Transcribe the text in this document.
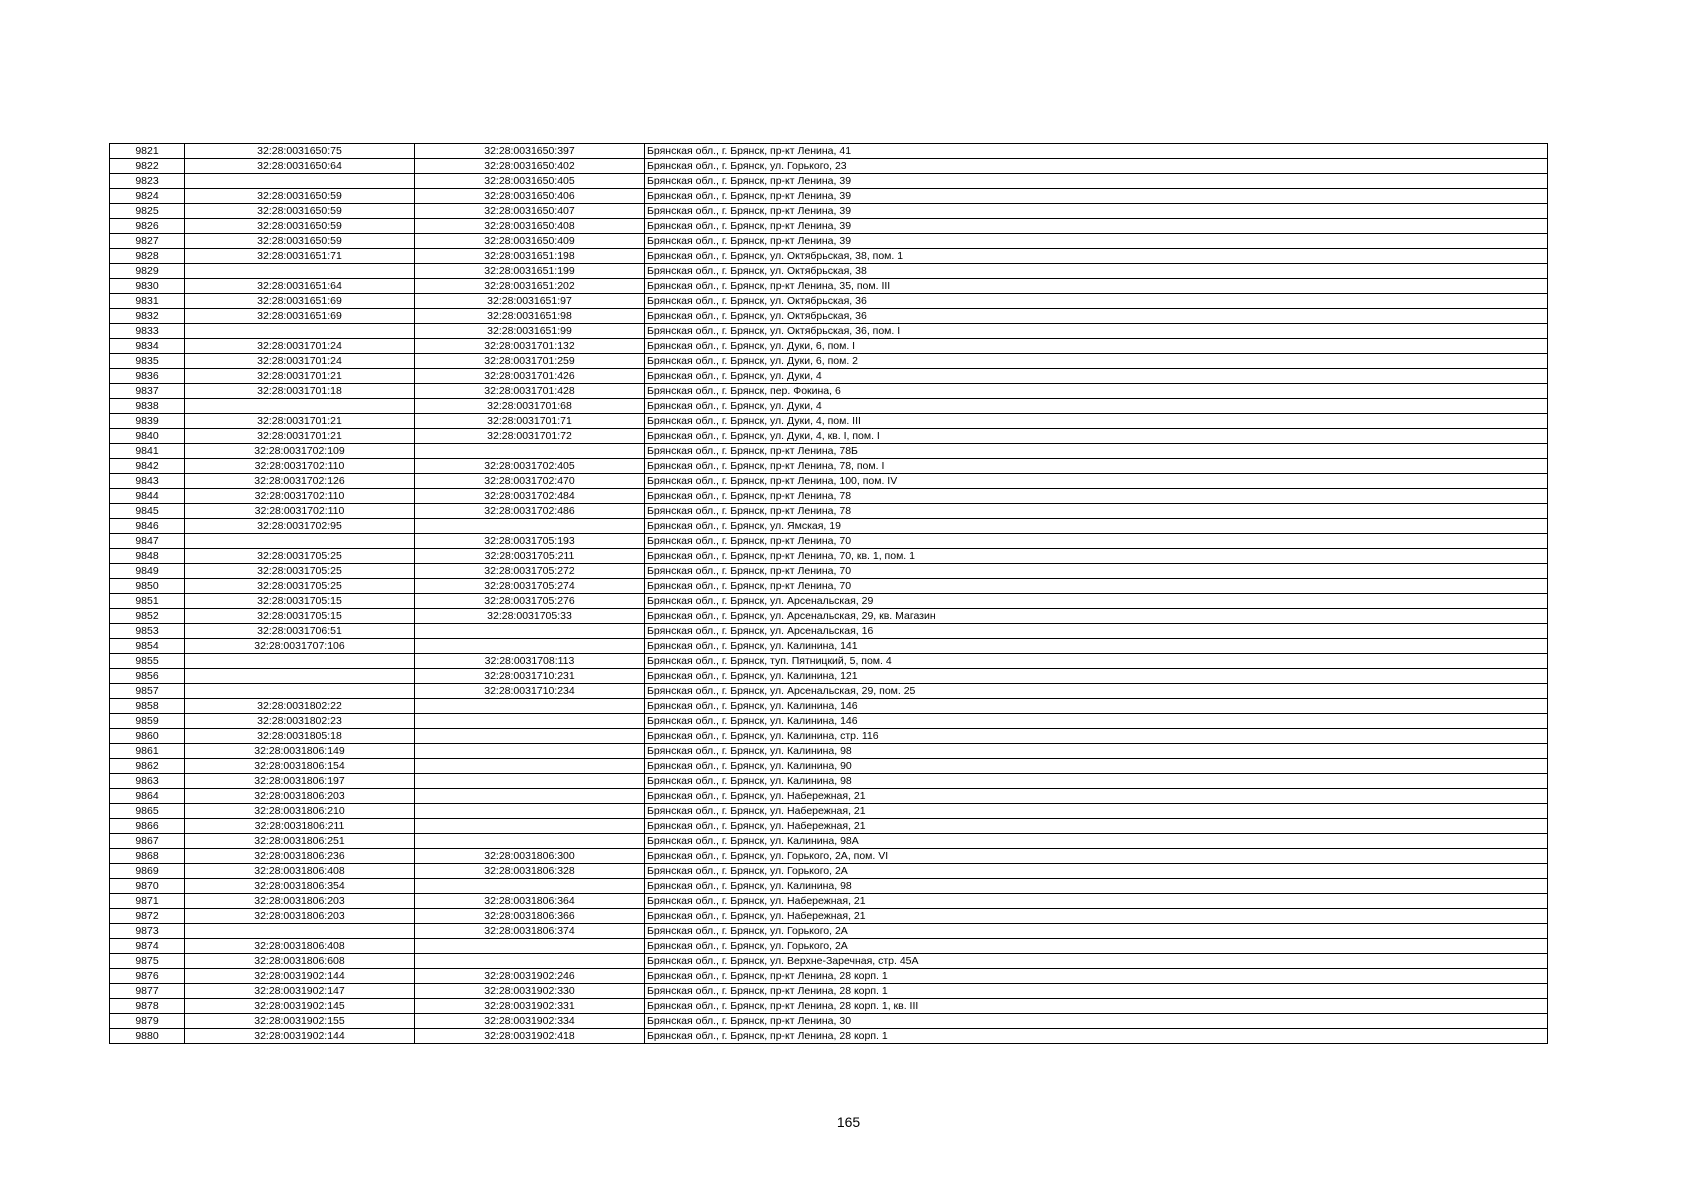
9821	32:28:0031650:75	32:28:0031650:397	Брянская обл., г. Брянск, пр-кт Ленина, 41
9822	32:28:0031650:64	32:28:0031650:402	Брянская обл., г. Брянск, ул. Горького, 23
9823		32:28:0031650:405	Брянская обл., г. Брянск, пр-кт Ленина, 39
9824	32:28:0031650:59	32:28:0031650:406	Брянская обл., г. Брянск, пр-кт Ленина, 39
9825	32:28:0031650:59	32:28:0031650:407	Брянская обл., г. Брянск, пр-кт Ленина, 39
9826	32:28:0031650:59	32:28:0031650:408	Брянская обл., г. Брянск, пр-кт Ленина, 39
9827	32:28:0031650:59	32:28:0031650:409	Брянская обл., г. Брянск, пр-кт Ленина, 39
9828	32:28:0031651:71	32:28:0031651:198	Брянская обл., г. Брянск, ул. Октябрьская, 38, пом. 1
9829		32:28:0031651:199	Брянская обл., г. Брянск, ул. Октябрьская, 38
9830	32:28:0031651:64	32:28:0031651:202	Брянская обл., г. Брянск, пр-кт Ленина, 35, пом. III
9831	32:28:0031651:69	32:28:0031651:97	Брянская обл., г. Брянск, ул. Октябрьская, 36
9832	32:28:0031651:69	32:28:0031651:98	Брянская обл., г. Брянск, ул. Октябрьская, 36
9833		32:28:0031651:99	Брянская обл., г. Брянск, ул. Октябрьская, 36, пом. I
9834	32:28:0031701:24	32:28:0031701:132	Брянская обл., г. Брянск, ул. Дуки, 6, пом. I
9835	32:28:0031701:24	32:28:0031701:259	Брянская обл., г. Брянск, ул. Дуки, 6, пом. 2
9836	32:28:0031701:21	32:28:0031701:426	Брянская обл., г. Брянск, ул. Дуки, 4
9837	32:28:0031701:18	32:28:0031701:428	Брянская обл., г. Брянск, пер. Фокина, 6
9838		32:28:0031701:68	Брянская обл., г. Брянск, ул. Дуки, 4
9839	32:28:0031701:21	32:28:0031701:71	Брянская обл., г. Брянск, ул. Дуки, 4, пом. III
9840	32:28:0031701:21	32:28:0031701:72	Брянская обл., г. Брянск, ул. Дуки, 4, кв. I, пом. I
9841	32:28:0031702:109		Брянская обл., г. Брянск, пр-кт Ленина, 78Б
9842	32:28:0031702:110	32:28:0031702:405	Брянская обл., г. Брянск, пр-кт Ленина, 78, пом. I
9843	32:28:0031702:126	32:28:0031702:470	Брянская обл., г. Брянск, пр-кт Ленина, 100, пом. IV
9844	32:28:0031702:110	32:28:0031702:484	Брянская обл., г. Брянск, пр-кт Ленина, 78
9845	32:28:0031702:110	32:28:0031702:486	Брянская обл., г. Брянск, пр-кт Ленина, 78
9846	32:28:0031702:95		Брянская обл., г. Брянск, ул. Ямская, 19
9847		32:28:0031705:193	Брянская обл., г. Брянск, пр-кт Ленина, 70
9848	32:28:0031705:25	32:28:0031705:211	Брянская обл., г. Брянск, пр-кт Ленина, 70, кв. 1, пом. 1
9849	32:28:0031705:25	32:28:0031705:272	Брянская обл., г. Брянск, пр-кт Ленина, 70
9850	32:28:0031705:25	32:28:0031705:274	Брянская обл., г. Брянск, пр-кт Ленина, 70
9851	32:28:0031705:15	32:28:0031705:276	Брянская обл., г. Брянск, ул. Арсенальская, 29
9852	32:28:0031705:15	32:28:0031705:33	Брянская обл., г. Брянск, ул. Арсенальская, 29, кв. Магазин
9853	32:28:0031706:51		Брянская обл., г. Брянск, ул. Арсенальская, 16
9854	32:28:0031707:106		Брянская обл., г. Брянск, ул. Калинина, 141
9855		32:28:0031708:113	Брянская обл., г. Брянск, туп. Пятницкий, 5, пом. 4
9856		32:28:0031710:231	Брянская обл., г. Брянск, ул. Калинина, 121
9857		32:28:0031710:234	Брянская обл., г. Брянск, ул. Арсенальская, 29, пом. 25
9858	32:28:0031802:22		Брянская обл., г. Брянск, ул. Калинина, 146
9859	32:28:0031802:23		Брянская обл., г. Брянск, ул. Калинина, 146
9860	32:28:0031805:18		Брянская обл., г. Брянск, ул. Калинина, стр. 116
9861	32:28:0031806:149		Брянская обл., г. Брянск, ул. Калинина, 98
9862	32:28:0031806:154		Брянская обл., г. Брянск, ул. Калинина, 90
9863	32:28:0031806:197		Брянская обл., г. Брянск, ул. Калинина, 98
9864	32:28:0031806:203		Брянская обл., г. Брянск, ул. Набережная, 21
9865	32:28:0031806:210		Брянская обл., г. Брянск, ул. Набережная, 21
9866	32:28:0031806:211		Брянская обл., г. Брянск, ул. Набережная, 21
9867	32:28:0031806:251		Брянская обл., г. Брянск, ул. Калинина, 98А
9868	32:28:0031806:236	32:28:0031806:300	Брянская обл., г. Брянск, ул. Горького, 2А, пом. VI
9869	32:28:0031806:408	32:28:0031806:328	Брянская обл., г. Брянск, ул. Горького, 2А
9870	32:28:0031806:354		Брянская обл., г. Брянск, ул. Калинина, 98
9871	32:28:0031806:203	32:28:0031806:364	Брянская обл., г. Брянск, ул. Набережная, 21
9872	32:28:0031806:203	32:28:0031806:366	Брянская обл., г. Брянск, ул. Набережная, 21
9873		32:28:0031806:374	Брянская обл., г. Брянск, ул. Горького, 2А
9874	32:28:0031806:408		Брянская обл., г. Брянск, ул. Горького, 2А
9875	32:28:0031806:608		Брянская обл., г. Брянск, ул. Верхне-Заречная, стр. 45А
9876	32:28:0031902:144	32:28:0031902:246	Брянская обл., г. Брянск, пр-кт Ленина, 28 корп. 1
9877	32:28:0031902:147	32:28:0031902:330	Брянская обл., г. Брянск, пр-кт Ленина, 28 корп. 1
9878	32:28:0031902:145	32:28:0031902:331	Брянская обл., г. Брянск, пр-кт Ленина, 28 корп. 1, кв. III
9879	32:28:0031902:155	32:28:0031902:334	Брянская обл., г. Брянск, пр-кт Ленина, 30
9880	32:28:0031902:144	32:28:0031902:418	Брянская обл., г. Брянск, пр-кт Ленина, 28 корп. 1
165
